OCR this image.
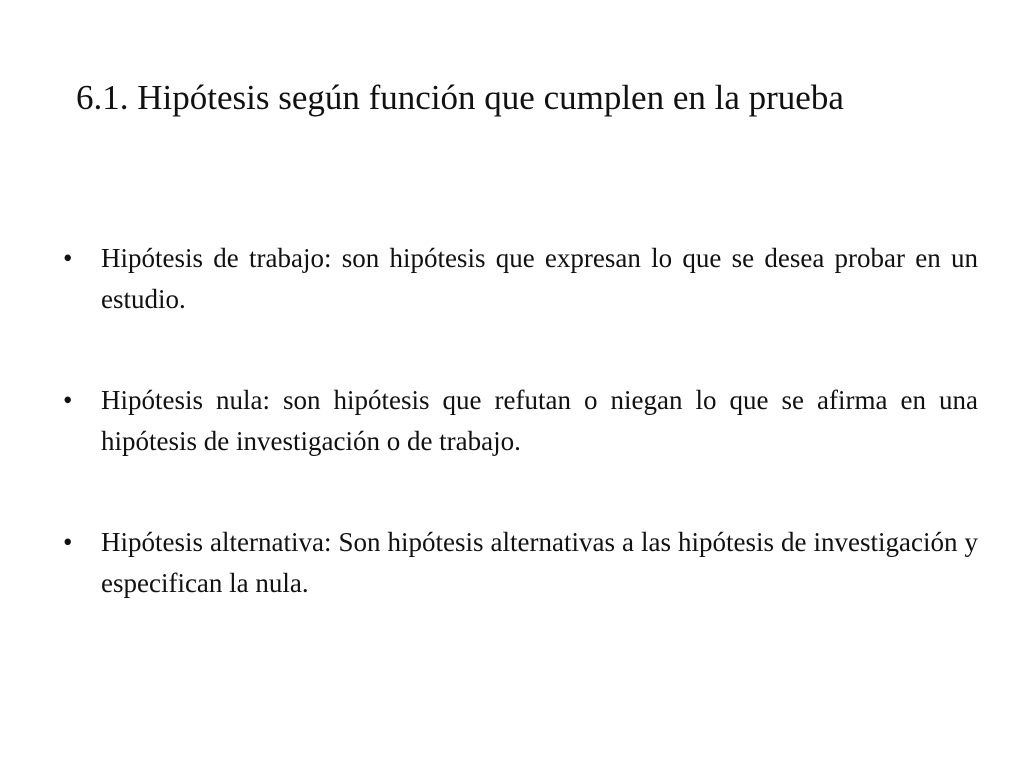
6.1. Hipótesis según función que cumplen en la prueba
•	Hipótesis de trabajo: son hipótesis que expresan lo que se desea probar en un estudio.
•	Hipótesis nula: son hipótesis que refutan o niegan lo que se afirma en una hipótesis de investigación o de trabajo.
•	Hipótesis alternativa: Son hipótesis alternativas a las hipótesis de investigación y especifican la nula.
